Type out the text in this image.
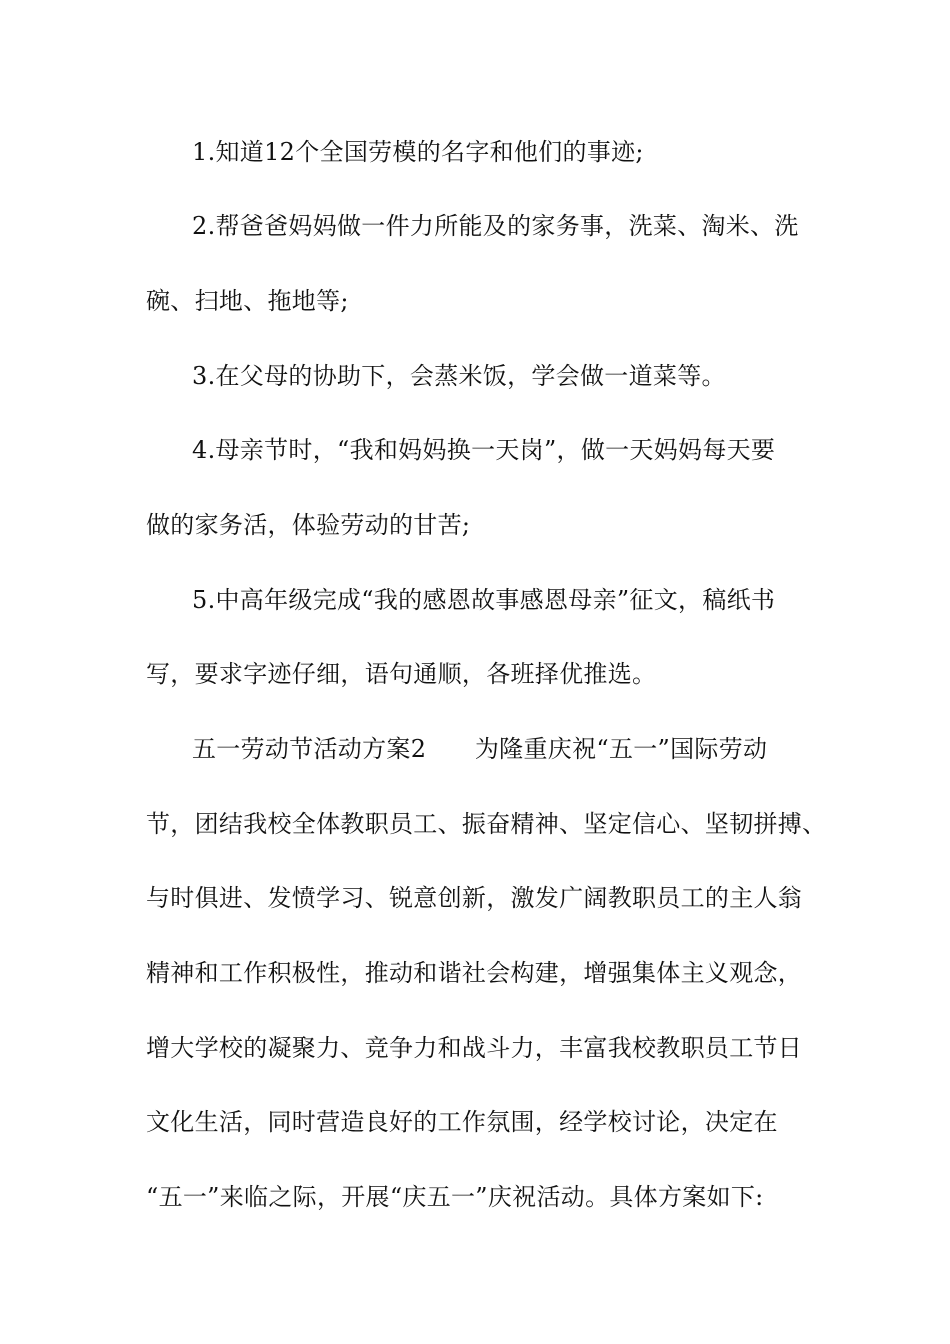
1.知道12个全国劳模的名字和他们的事迹;
2.帮爸爸妈妈做一件力所能及的家务事，洗菜、淘米、洗
碗、扫地、拖地等;
3.在父母的协助下，会蒸米饭，学会做一道菜等。
4.母亲节时，“我和妈妈换一天岗”，做一天妈妈每天要
做的家务活，体验劳动的甘苦;
5.中高年级完成“我的感恩故事感恩母亲”征文，稿纸书
写，要求字迹仔细，语句通顺，各班择优推选。
五一劳动节活动方案2　　为隆重庆祝“五一”国际劳动
节，团结我校全体教职员工、振奋精神、坚定信心、坚韧拼搏、
与时俱进、发愤学习、锐意创新，激发广阔教职员工的主人翁
精神和工作积极性，推动和谐社会构建，增强集体主义观念，
增大学校的凝聚力、竞争力和战斗力，丰富我校教职员工节日
文化生活，同时营造良好的工作氛围，经学校讨论，决定在
“五一”来临之际，开展“庆五一”庆祝活动。具体方案如下:
